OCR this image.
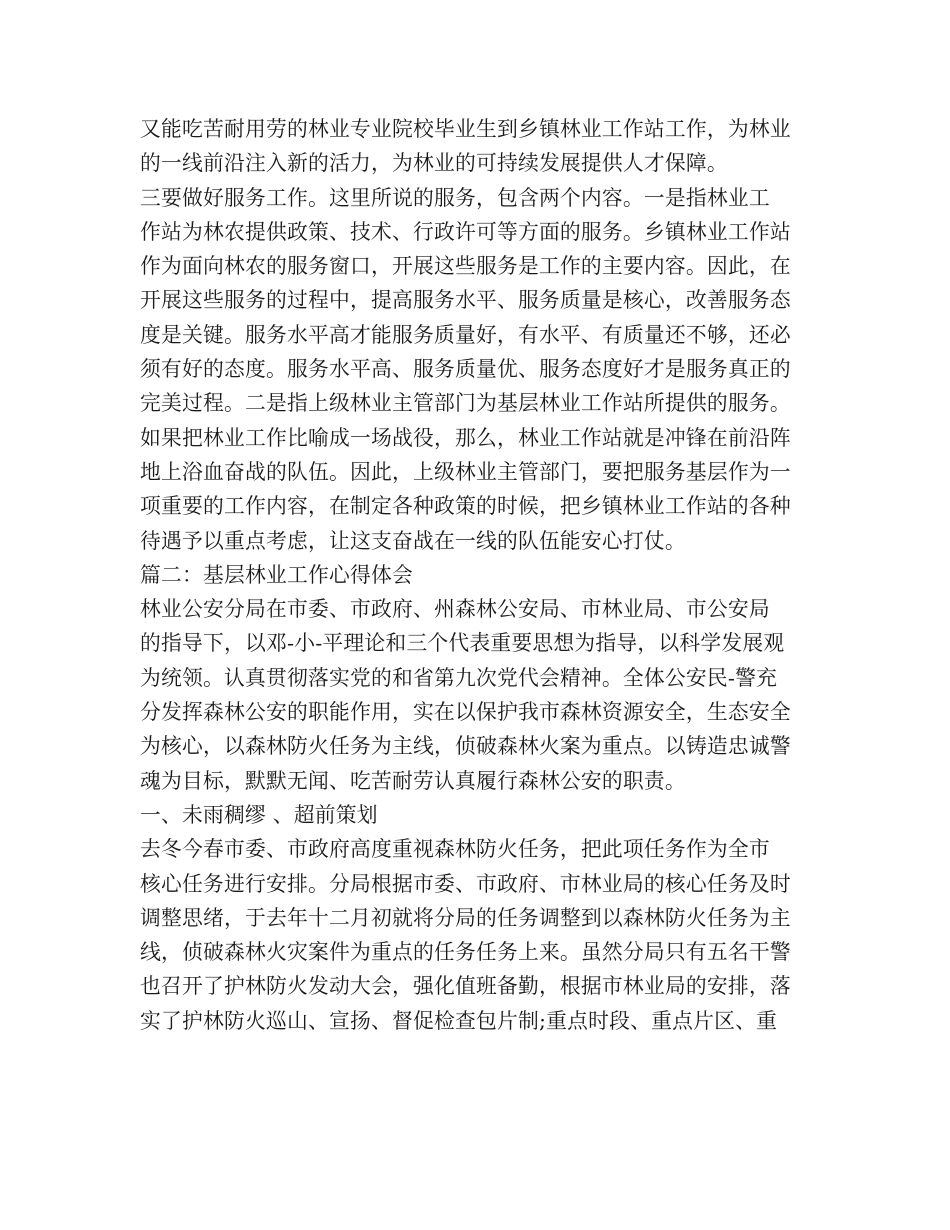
又能吃苦耐用劳的林业专业院校毕业生到乡镇林业工作站工作，为林业
的一线前沿注入新的活力，为林业的可持续发展提供人才保障。
三要做好服务工作。这里所说的服务，包含两个内容。一是指林业工
作站为林农提供政策、技术、行政许可等方面的服务。乡镇林业工作站
作为面向林农的服务窗口，开展这些服务是工作的主要内容。因此，在
开展这些服务的过程中，提高服务水平、服务质量是核心，改善服务态
度是关键。服务水平高才能服务质量好，有水平、有质量还不够，还必
须有好的态度。服务水平高、服务质量优、服务态度好才是服务真正的
完美过程。二是指上级林业主管部门为基层林业工作站所提供的服务。
如果把林业工作比喻成一场战役，那么，林业工作站就是冲锋在前沿阵
地上浴血奋战的队伍。因此，上级林业主管部门，要把服务基层作为一
项重要的工作内容，在制定各种政策的时候，把乡镇林业工作站的各种
待遇予以重点考虑，让这支奋战在一线的队伍能安心打仗。
篇二：基层林业工作心得体会
林业公安分局在市委、市政府、州森林公安局、市林业局、市公安局
的指导下，以邓-小-平理论和三个代表重要思想为指导，以科学发展观
为统领。认真贯彻落实党的和省第九次党代会精神。全体公安民-警充
分发挥森林公安的职能作用，实在以保护我市森林资源安全，生态安全
为核心，以森林防火任务为主线，侦破森林火案为重点。以铸造忠诚警
魂为目标，默默无闻、吃苦耐劳认真履行森林公安的职责。
一、未雨稠缪 、超前策划
去冬今春市委、市政府高度重视森林防火任务，把此项任务作为全市
核心任务进行安排。分局根据市委、市政府、市林业局的核心任务及时
调整思绪，于去年十二月初就将分局的任务调整到以森林防火任务为主
线，侦破森林火灾案件为重点的任务任务上来。虽然分局只有五名干警
也召开了护林防火发动大会，强化值班备勤，根据市林业局的安排，落
实了护林防火巡山、宣扬、督促检查包片制;重点时段、重点片区、重
